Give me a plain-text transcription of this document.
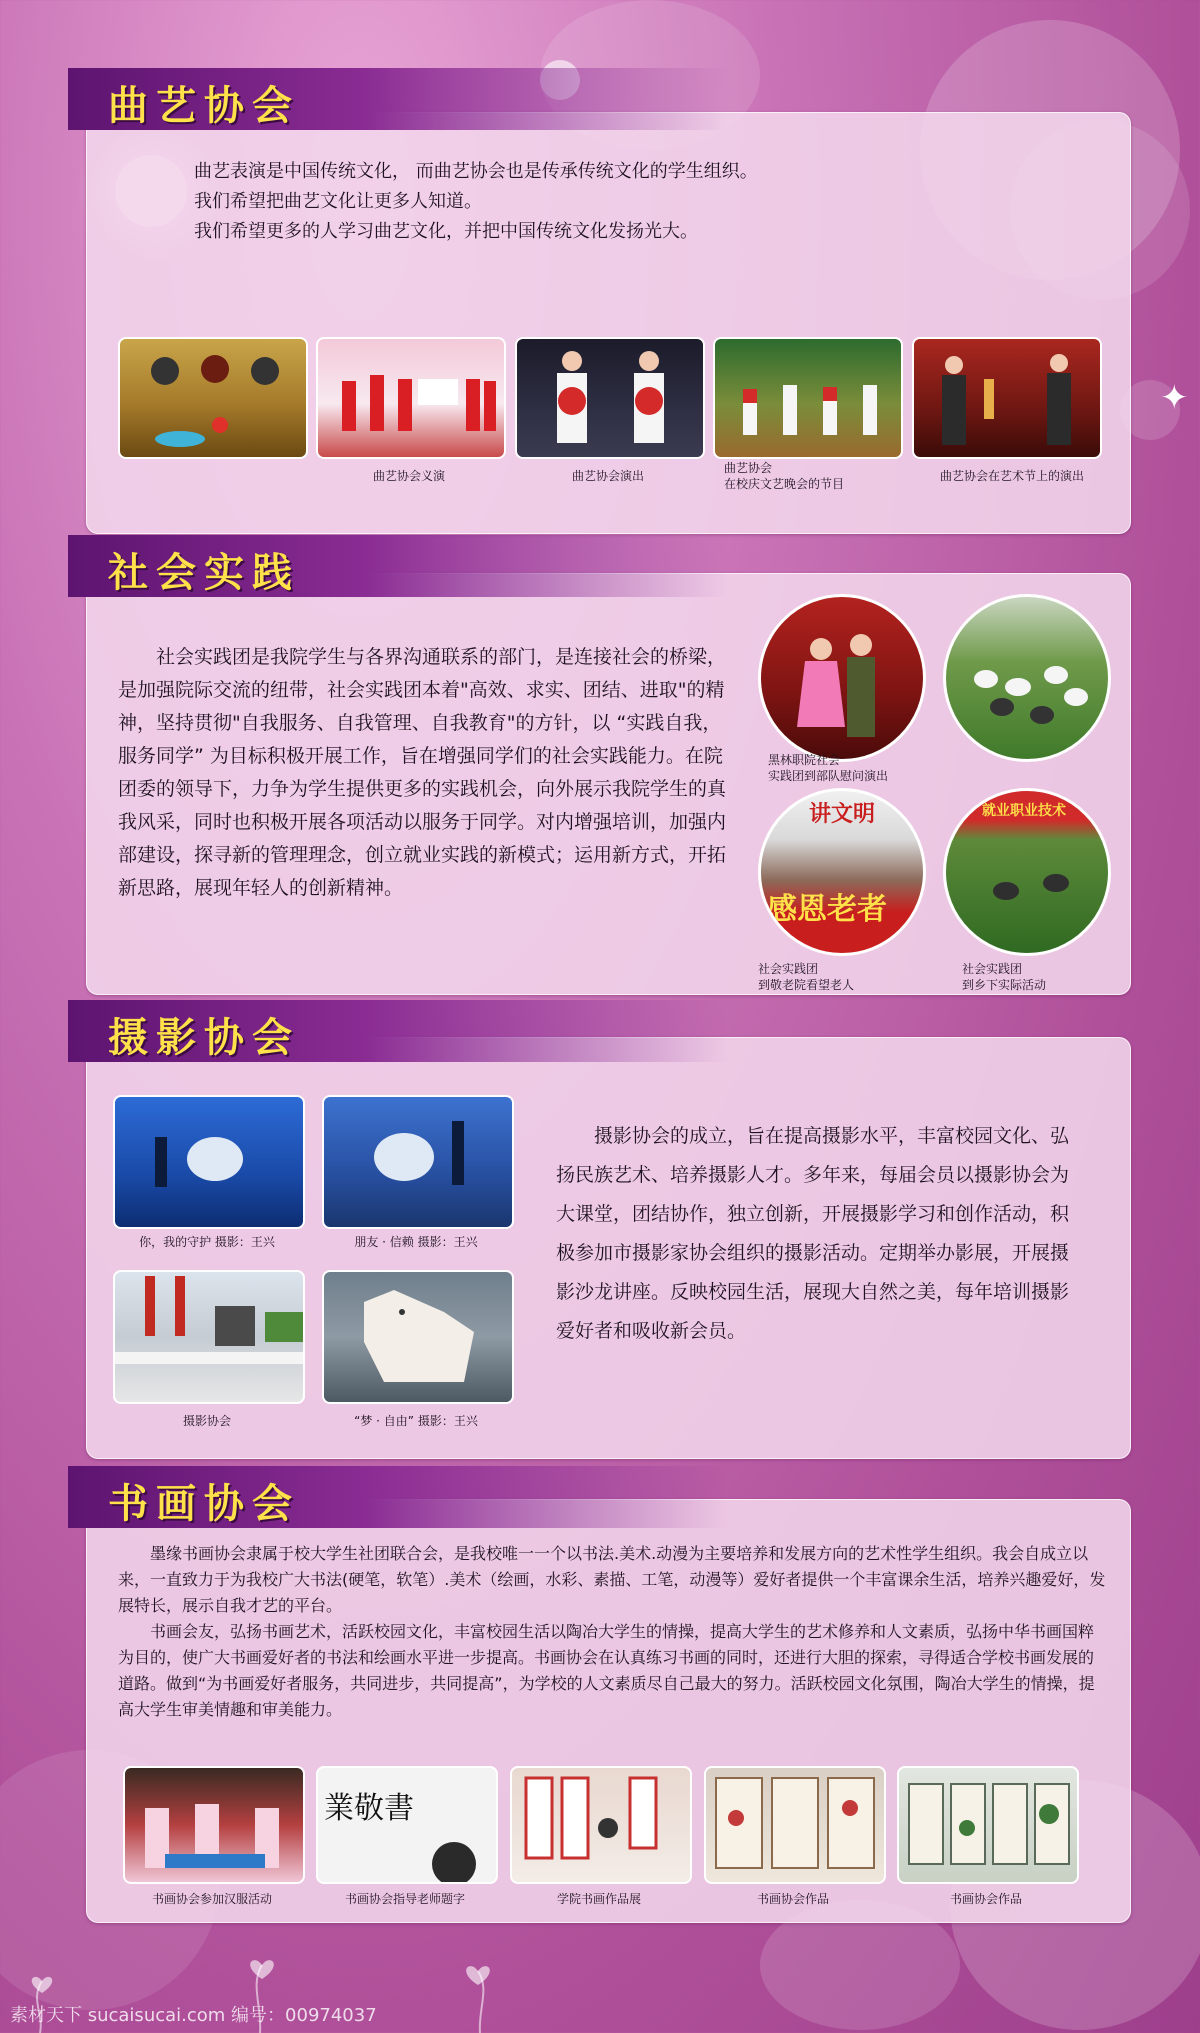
✦
曲艺协会
曲艺表演是中国传统文化， 而曲艺协会也是传承传统文化的学生组织。
我们希望把曲艺文化让更多人知道。
我们希望更多的人学习曲艺文化，并把中国传统文化发扬光大。
曲艺协会义演	曲艺协会演出
曲艺协会
在校庆文艺晚会的节目
曲艺协会在艺术节上的演出
社会实践
社会实践团是我院学生与各界沟通联系的部门，是连接社会的桥梁，是加强院际交流的纽带，社会实践团本着"高效、求实、团结、进取"的精神，坚持贯彻"自我服务、自我管理、自我教育"的方针，以 “实践自我，服务同学” 为目标积极开展工作，旨在增强同学们的社会实践能力。在院团委的领导下，力争为学生提供更多的实践机会，向外展示我院学生的真我风采，同时也积极开展各项活动以服务于同学。对内增强培训，加强内部建设，探寻新的管理理念，创立就业实践的新模式；运用新方式，开拓新思路，展现年轻人的创新精神。
讲文明
感恩老者
就业职业技术
黑林职院社会
实践团到部队慰问演出
社会实践团
到敬老院看望老人
社会实践团
到乡下实际活动
摄影协会
你，我的守护 摄影：王兴	朋友 · 信赖 摄影：王兴
摄影协会	“梦 · 自由” 摄影：王兴
摄影协会的成立，旨在提高摄影水平，丰富校园文化、弘扬民族艺术、培养摄影人才。多年来，每届会员以摄影协会为大课堂，团结协作，独立创新，开展摄影学习和创作活动，积极参加市摄影家协会组织的摄影活动。定期举办影展，开展摄影沙龙讲座。反映校园生活，展现大自然之美，每年培训摄影爱好者和吸收新会员。
书画协会
墨缘书画协会隶属于校大学生社团联合会，是我校唯一一个以书法.美术.动漫为主要培养和发展方向的艺术性学生组织。我会自成立以来，一直致力于为我校广大书法(硬笔，软笔）.美术（绘画，水彩、素描、工笔，动漫等）爱好者提供一个丰富课余生活，培养兴趣爱好，发展特长，展示自我才艺的平台。
书画会友，弘扬书画艺术，活跃校园文化，丰富校园生活以陶冶大学生的情操，提高大学生的艺术修养和人文素质，弘扬中华书画国粹为目的，使广大书画爱好者的书法和绘画水平进一步提高。书画协会在认真练习书画的同时，还进行大胆的探索，寻得适合学校书画发展的道路。做到“为书画爱好者服务，共同进步，共同提高”，为学校的人文素质尽自己最大的努力。活跃校园文化氛围，陶冶大学生的情操，提高大学生审美情趣和审美能力。
業敬書
书画协会参加汉服活动	书画协会指导老师题字	学院书画作品展	书画协会作品	书画协会作品
素材天下 sucaisucai.com 编号：00974037
